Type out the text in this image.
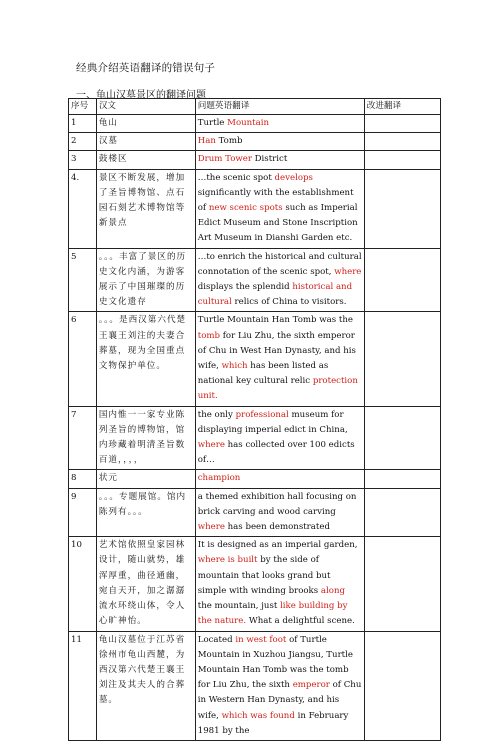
经典介绍英语翻译的错误句子
一、龟山汉墓景区的翻译问题
序号	汉文	问题英语翻译	改进翻译
1	龟山	Turtle Mountain	
2	汉墓	Han Tomb	
3	鼓楼区	Drum Tower District	
4.	景区不断发展，增加了圣旨博物馆、点石园石刻艺术博物馆等新景点	…the scenic spot develops significantly with the establishment of new scenic spots such as Imperial Edict Museum and Stone Inscription Art Museum in Dianshi Garden etc.	
5	。。。丰富了景区的历史文化内涵，为游客展示了中国璀璨的历史文化遗存	…to enrich the historical and cultural connotation of the scenic spot, where displays the splendid historical and cultural relics of China to visitors.	
6	。。。是西汉第六代楚王襄王刘注的夫妻合葬墓，现为全国重点文物保护单位。	Turtle Mountain Han Tomb was the tomb for Liu Zhu, the sixth emperor of Chu in West Han Dynasty, and his wife, which has been listed as national key cultural relic protection unit.	
7	国内惟一一家专业陈列圣旨的博物馆，馆内珍藏着明清圣旨数百道，，，，	the only professional museum for displaying imperial edict in China, where has collected over 100 edicts of…	
8	状元	champion	
9	。。。专题展馆。馆内陈列有。。。	a themed exhibition hall focusing on brick carving and wood carving where has been demonstrated	
10	艺术馆依照皇家园林设计，随山就势，雄浑厚重，曲径通幽，宛自天开，加之潺潺流水环绕山体，令人心旷神怡。	It is designed as an imperial garden, where is built by the side of mountain that looks grand but simple with winding brooks along the mountain, just like building by the nature. What a delightful scene.	
11	龟山汉墓位于江苏省徐州市龟山西麓，为西汉第六代楚王襄王刘注及其夫人的合葬墓。	Located in west foot of Turtle Mountain in Xuzhou Jiangsu, Turtle Mountain Han Tomb was the tomb for Liu Zhu, the sixth emperor of Chu in Western Han Dynasty, and his wife, which was found in February 1981 by the	
